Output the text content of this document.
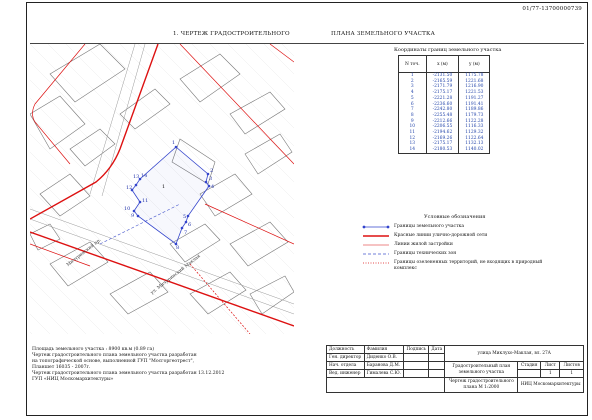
01/77-13700000739
1. ЧЕРТЕЖ ГРАДОСТРОИТЕЛЬНОГО	ПЛАНА ЗЕМЕЛЬНОГО УЧАСТКА
1
1
2
3
4
5
6
7
8
9
10
11
12
13 14
Мичуринский пр.
ул. Мичуринский Маклая
Координаты границ земельного участка
N точ.	x (м)	y (м)
1	-2131.50	1175.78
2	-2165.59	1221.68
3	-2171.79	1216.90
4	-2175.17	1221.53
5	-2221.28	1191.27
6	-2236.60	1191.41
7	-2242.80	1189.86
8	-2255.48	1179.73
9	-2212.66	1122.28
10	-2206.55	1116.33
11	-2194.62	1129.32
12	-2169.26	1122.64
13	-2175.17	1132.13
14	-2180.53	1140.02
Условные обозначения
Границы земельного участка
Красные линии улично-дорожной сети
Линии жилой застройки
Границы технических зон
Границы озелененных территорий, не входящих в природный комплекс
Площадь земельного участка : 8900 кв.м (0.89 га)
Чертеж градостроительного плана земельного участка разработан
на топографической основе, выполненной ГУП "Мосгоргеотрест",
Планшет 16035 - 2007г.
Чертеж градостроительного плана земельного участка разработан 13.12.2012
ГУП «НИЦ Москомархитектуры»
Должность	Фамилия	Подпись	Дата	улица Миклухо-Маклая, вл. 27А			
Ген. директор	Диденко О.В.						
Нач. отдела	Баранова Д.М.			Градостроительный план земельного участка	Стадия	Лист	Листов
Вед. инженер	Гималева С.Ю.					1	1
				Чертеж градостроительного плана М 1:2000	НИЦ Москомархитектуры		
